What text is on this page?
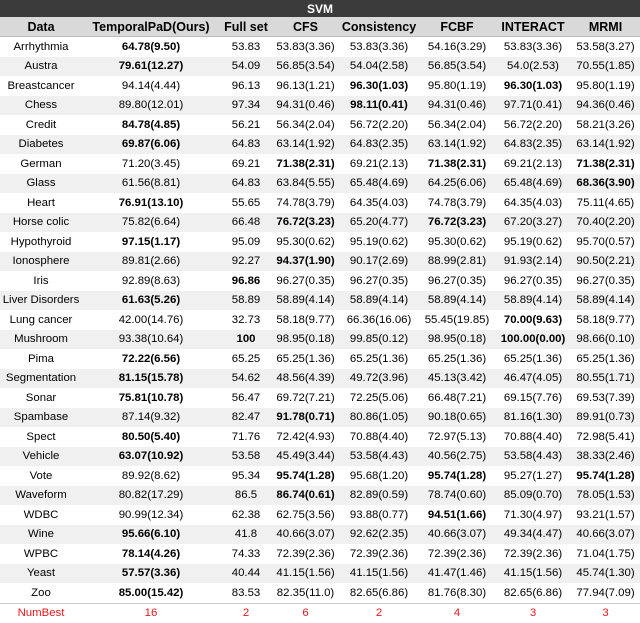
SVM							
Data	TemporalPaD(Ours)	Full set	CFS	Consistency	FCBF	INTERACT	MRMI
Arrhythmia	64.78(9.50)	53.83	53.83(3.36)	53.83(3.36)	54.16(3.29)	53.83(3.36)	53.58(3.27)
Austra	79.61(12.27)	54.09	56.85(3.54)	54.04(2.58)	56.85(3.54)	54.0(2.53)	70.55(1.85)
Breastcancer	94.14(4.44)	96.13	96.13(1.21)	96.30(1.03)	95.80(1.19)	96.30(1.03)	95.80(1.19)
Chess	89.80(12.01)	97.34	94.31(0.46)	98.11(0.41)	94.31(0.46)	97.71(0.41)	94.36(0.46)
Credit	84.78(4.85)	56.21	56.34(2.04)	56.72(2.20)	56.34(2.04)	56.72(2.20)	58.21(3.26)
Diabetes	69.87(6.06)	64.83	63.14(1.92)	64.83(2.35)	63.14(1.92)	64.83(2.35)	63.14(1.92)
German	71.20(3.45)	69.21	71.38(2.31)	69.21(2.13)	71.38(2.31)	69.21(2.13)	71.38(2.31)
Glass	61.56(8.81)	64.83	63.84(5.55)	65.48(4.69)	64.25(6.06)	65.48(4.69)	68.36(3.90)
Heart	76.91(13.10)	55.65	74.78(3.79)	64.35(4.03)	74.78(3.79)	64.35(4.03)	75.11(4.65)
Horse colic	75.82(6.64)	66.48	76.72(3.23)	65.20(4.77)	76.72(3.23)	67.20(3.27)	70.40(2.20)
Hypothyroid	97.15(1.17)	95.09	95.30(0.62)	95.19(0.62)	95.30(0.62)	95.19(0.62)	95.70(0.57)
Ionosphere	89.81(2.66)	92.27	94.37(1.90)	90.17(2.69)	88.99(2.81)	91.93(2.14)	90.50(2.21)
Iris	92.89(8.63)	96.86	96.27(0.35)	96.27(0.35)	96.27(0.35)	96.27(0.35)	96.27(0.35)
Liver Disorders	61.63(5.26)	58.89	58.89(4.14)	58.89(4.14)	58.89(4.14)	58.89(4.14)	58.89(4.14)
Lung cancer	42.00(14.76)	32.73	58.18(9.77)	66.36(16.06)	55.45(19.85)	70.00(9.63)	58.18(9.77)
Mushroom	93.38(10.64)	100	98.95(0.18)	99.85(0.12)	98.95(0.18)	100.00(0.00)	98.66(0.10)
Pima	72.22(6.56)	65.25	65.25(1.36)	65.25(1.36)	65.25(1.36)	65.25(1.36)	65.25(1.36)
Segmentation	81.15(15.78)	54.62	48.56(4.39)	49.72(3.96)	45.13(3.42)	46.47(4.05)	80.55(1.71)
Sonar	75.81(10.78)	56.47	69.72(7.21)	72.25(5.06)	66.48(7.21)	69.15(7.76)	69.53(7.39)
Spambase	87.14(9.32)	82.47	91.78(0.71)	80.86(1.05)	90.18(0.65)	81.16(1.30)	89.91(0.73)
Spect	80.50(5.40)	71.76	72.42(4.93)	70.88(4.40)	72.97(5.13)	70.88(4.40)	72.98(5.41)
Vehicle	63.07(10.92)	53.58	45.49(3.44)	53.58(4.43)	40.56(2.75)	53.58(4.43)	38.33(2.46)
Vote	89.92(8.62)	95.34	95.74(1.28)	95.68(1.20)	95.74(1.28)	95.27(1.27)	95.74(1.28)
Waveform	80.82(17.29)	86.5	86.74(0.61)	82.89(0.59)	78.74(0.60)	85.09(0.70)	78.05(1.53)
WDBC	90.99(12.34)	62.38	62.75(3.56)	93.88(0.77)	94.51(1.66)	71.30(4.97)	93.21(1.57)
Wine	95.66(6.10)	41.8	40.66(3.07)	92.62(2.35)	40.66(3.07)	49.34(4.47)	40.66(3.07)
WPBC	78.14(4.26)	74.33	72.39(2.36)	72.39(2.36)	72.39(2.36)	72.39(2.36)	71.04(1.75)
Yeast	57.57(3.36)	40.44	41.15(1.56)	41.15(1.56)	41.47(1.46)	41.15(1.56)	45.74(1.30)
Zoo	85.00(15.42)	83.53	82.35(11.0)	82.65(6.86)	81.76(8.30)	82.65(6.86)	77.94(7.09)
NumBest	16	2	6	2	4	3	3
